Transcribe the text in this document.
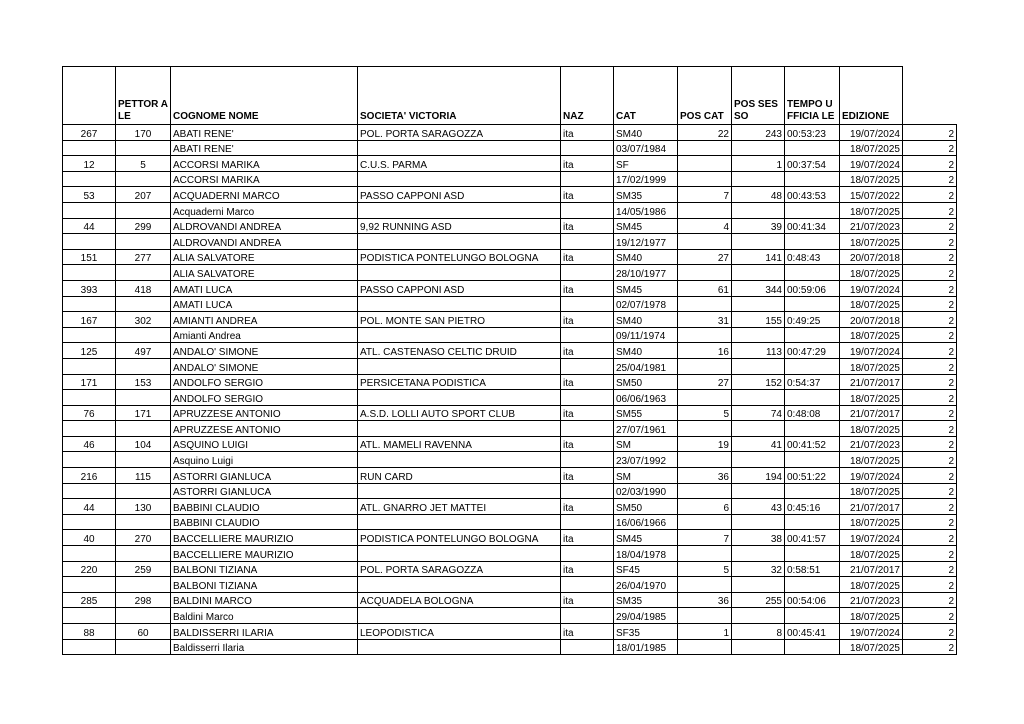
	PETTOR ALE	COGNOME NOME	SOCIETA' VICTORIA	NAZ	CAT	POS CAT	POS SESSO	TEMPO UFFICIA LE	EDIZIONE	
267	170	ABATI RENE'	POL. PORTA SARAGOZZA	ita	SM40	22	243	00:53:23	19/07/2024	2
		ABATI RENE'			03/07/1984				18/07/2025	2
12	5	ACCORSI MARIKA	C.U.S. PARMA	ita	SF		1	00:37:54	19/07/2024	2
		ACCORSI MARIKA			17/02/1999				18/07/2025	2
53	207	ACQUADERNI MARCO	PASSO CAPPONI ASD	ita	SM35	7	48	00:43:53	15/07/2022	2
		Acquaderni Marco			14/05/1986				18/07/2025	2
44	299	ALDROVANDI ANDREA	9,92 RUNNING ASD	ita	SM45	4	39	00:41:34	21/07/2023	2
		ALDROVANDI ANDREA			19/12/1977				18/07/2025	2
151	277	ALIA SALVATORE	PODISTICA PONTELUNGO BOLOGNA	ita	SM40	27	141	0:48:43	20/07/2018	2
		ALIA SALVATORE			28/10/1977				18/07/2025	2
393	418	AMATI LUCA	PASSO CAPPONI ASD	ita	SM45	61	344	00:59:06	19/07/2024	2
		AMATI LUCA			02/07/1978				18/07/2025	2
167	302	AMIANTI ANDREA	POL. MONTE SAN PIETRO	ita	SM40	31	155	0:49:25	20/07/2018	2
		Amianti Andrea			09/11/1974				18/07/2025	2
125	497	ANDALO' SIMONE	ATL. CASTENASO CELTIC DRUID	ita	SM40	16	113	00:47:29	19/07/2024	2
		ANDALO' SIMONE			25/04/1981				18/07/2025	2
171	153	ANDOLFO SERGIO	PERSICETANA PODISTICA	ita	SM50	27	152	0:54:37	21/07/2017	2
		ANDOLFO SERGIO			06/06/1963				18/07/2025	2
76	171	APRUZZESE ANTONIO	A.S.D. LOLLI AUTO SPORT CLUB	ita	SM55	5	74	0:48:08	21/07/2017	2
		APRUZZESE ANTONIO			27/07/1961				18/07/2025	2
46	104	ASQUINO LUIGI	ATL. MAMELI RAVENNA	ita	SM	19	41	00:41:52	21/07/2023	2
		Asquino Luigi			23/07/1992				18/07/2025	2
216	115	ASTORRI GIANLUCA	RUN CARD	ita	SM	36	194	00:51:22	19/07/2024	2
		ASTORRI GIANLUCA			02/03/1990				18/07/2025	2
44	130	BABBINI CLAUDIO	ATL. GNARRO JET MATTEI	ita	SM50	6	43	0:45:16	21/07/2017	2
		BABBINI CLAUDIO			16/06/1966				18/07/2025	2
40	270	BACCELLIERE MAURIZIO	PODISTICA PONTELUNGO BOLOGNA	ita	SM45	7	38	00:41:57	19/07/2024	2
		BACCELLIERE MAURIZIO			18/04/1978				18/07/2025	2
220	259	BALBONI TIZIANA	POL. PORTA SARAGOZZA	ita	SF45	5	32	0:58:51	21/07/2017	2
		BALBONI TIZIANA			26/04/1970				18/07/2025	2
285	298	BALDINI MARCO	ACQUADELA BOLOGNA	ita	SM35	36	255	00:54:06	21/07/2023	2
		Baldini Marco			29/04/1985				18/07/2025	2
88	60	BALDISSERRI ILARIA	LEOPODISTICA	ita	SF35	1	8	00:45:41	19/07/2024	2
		Baldisserri Ilaria			18/01/1985				18/07/2025	2
